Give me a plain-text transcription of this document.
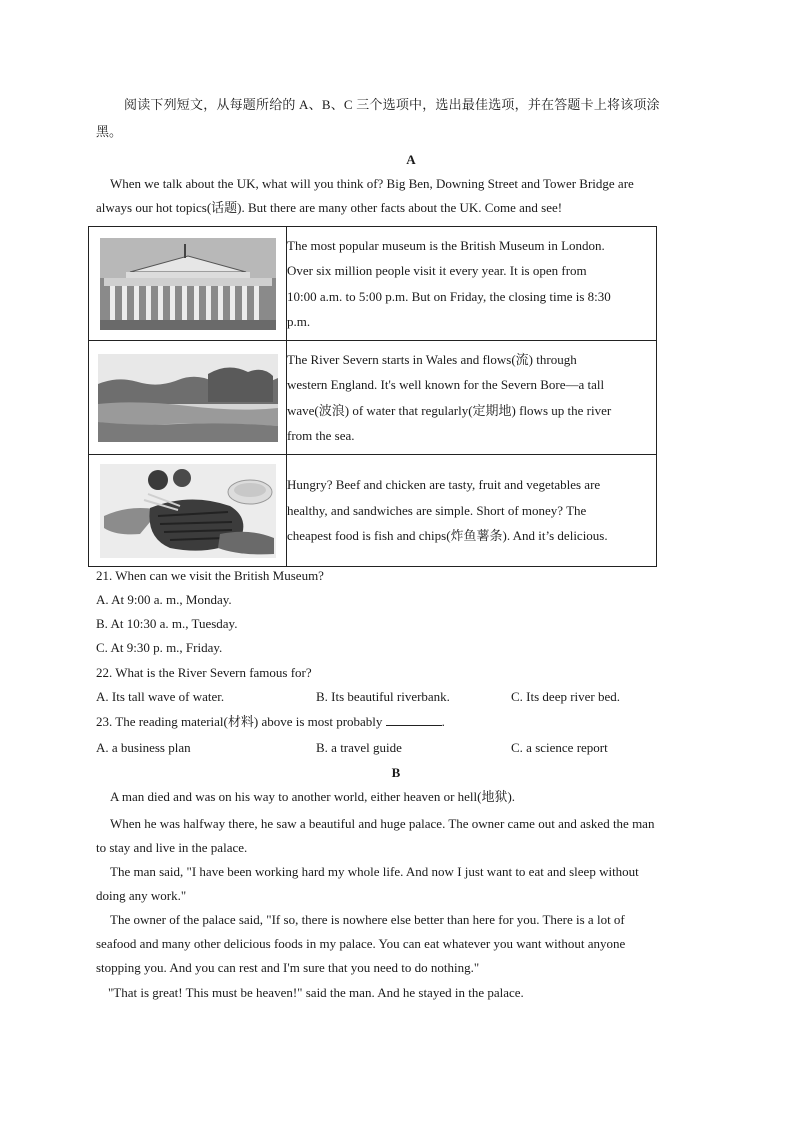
阅读下列短文，从每题所给的 A、B、C 三个选项中，选出最佳选项，并在答题卡上将该项涂
黑。
A
When we talk about the UK, what will you think of? Big Ben, Downing Street and Tower Bridge are
always our hot topics(话题). But there are many other facts about the UK. Come and see!

The most popular museum is the British Museum in London.
Over six million people visit it every year. It is open from
10:00 a.m. to 5:00 p.m. But on Friday, the closing time is 8:30
p.m.

The River Severn starts in Wales and flows(流) through
western England. It's well known for the Severn Bore—a tall
wave(波浪) of water that regularly(定期地) flows up the river
from the sea.

Hungry? Beef and chicken are tasty, fruit and vegetables are
healthy, and sandwiches are simple. Short of money? The
cheapest food is fish and chips(炸鱼薯条). And it’s delicious.
21. When can we visit the British Museum?
A. At 9:00 a. m., Monday.
B. At 10:30 a. m., Tuesday.
C. At 9:30 p. m., Friday.
22. What is the River Severn famous for?
A. Its tall wave of water.	B. Its beautiful riverbank.	C. Its deep river bed.
23. The reading material(材料) above is most probably	.
A. a business plan	B. a travel guide	C. a science report
B
A man died and was on his way to another world, either heaven or hell(地狱).
When he was halfway there, he saw a beautiful and huge palace. The owner came out and asked the man
to stay and live in the palace.
The man said, "I have been working hard my whole life. And now I just want to eat and sleep without
doing any work."
The owner of the palace said, "If so, there is nowhere else better than here for you. There is a lot of
seafood and many other delicious foods in my palace. You can eat whatever you want without anyone
stopping you. And you can rest and I'm sure that you need to do nothing."
"That is great! This must be heaven!" said the man. And he stayed in the palace.
